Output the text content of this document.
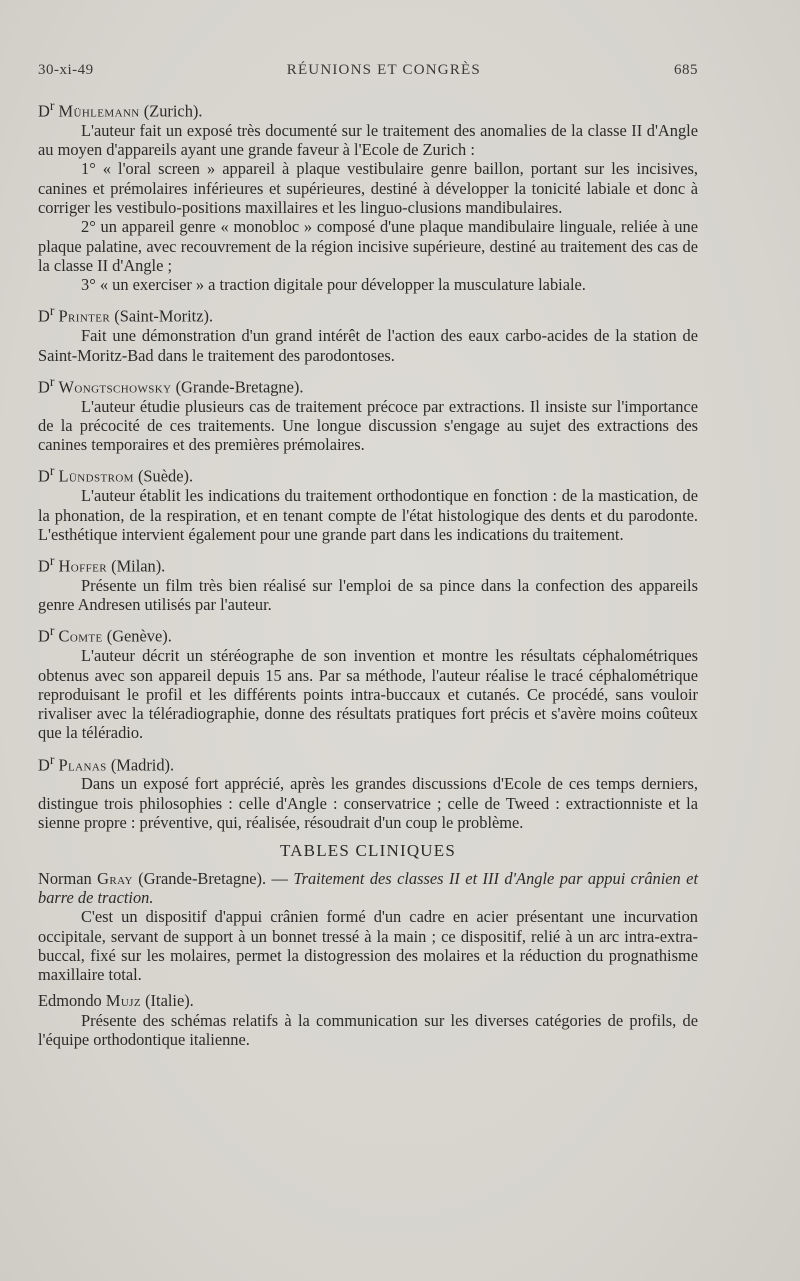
30-xi-49	RÉUNIONS ET CONGRÈS	685
$D^r$ Mühlemann (Zurich).

L'auteur fait un exposé très documenté sur le traitement des anomalies de la classe II d'Angle au moyen d'appareils ayant une grande faveur à l'Ecole de Zurich :

1° « l'oral screen » appareil à plaque vestibulaire genre baillon, portant sur les incisives, canines et prémolaires inférieures et supérieures, destiné à développer la tonicité labiale et donc à corriger les vestibulo-positions maxillaires et les linguo-clusions mandibulaires.

2° un appareil genre « monobloc » composé d'une plaque mandibulaire linguale, reliée à une plaque palatine, avec recouvrement de la région incisive supérieure, destiné au traitement des cas de la classe II d'Angle ;

3° « un exerciser » a traction digitale pour développer la musculature labiale.

$D^r$ Printer (Saint-Moritz).

Fait une démonstration d'un grand intérêt de l'action des eaux carbo-acides de la station de Saint-Moritz-Bad dans le traitement des parodontoses.

$D^r$ Wongtschowsky (Grande-Bretagne).

L'auteur étudie plusieurs cas de traitement précoce par extractions. Il insiste sur l'importance de la précocité de ces traitements. Une longue discussion s'engage au sujet des extractions des canines temporaires et des premières prémolaires.

$D^r$ Lündstrom (Suède).

L'auteur établit les indications du traitement orthodontique en fonction : de la mastication, de la phonation, de la respiration, et en tenant compte de l'état histologique des dents et du parodonte. L'esthétique intervient également pour une grande part dans les indications du traitement.

$D^r$ Hoffer (Milan).

Présente un film très bien réalisé sur l'emploi de sa pince dans la confection des appareils genre Andresen utilisés par l'auteur.

$D^r$ Comte (Genève).

L'auteur décrit un stéréographe de son invention et montre les résultats céphalométriques obtenus avec son appareil depuis 15 ans. Par sa méthode, l'auteur réalise le tracé céphalométrique reproduisant le profil et les différents points intra-buccaux et cutanés. Ce procédé, sans vouloir rivaliser avec la téléradiographie, donne des résultats pratiques fort précis et s'avère moins coûteux que la téléradio.

$D^r$ Planas (Madrid).

Dans un exposé fort apprécié, après les grandes discussions d'Ecole de ces temps derniers, distingue trois philosophies : celle d'Angle : conservatrice ; celle de Tweed : extractionniste et la sienne propre : préventive, qui, réalisée, résoudrait d'un coup le problème.

TABLES CLINIQUES
Norman Gray (Grande-Bretagne). — Traitement des classes II et III d'Angle par appui crânien et barre de traction.

C'est un dispositif d'appui crânien formé d'un cadre en acier présentant une incurvation occipitale, servant de support à un bonnet tressé à la main ; ce dispositif, relié à un arc intra-extra-buccal, fixé sur les molaires, permet la distogression des molaires et la réduction du prognathisme maxillaire total.

Edmondo Mujz (Italie).

Présente des schémas relatifs à la communication sur les diverses catégories de profils, de l'équipe orthodontique italienne.
